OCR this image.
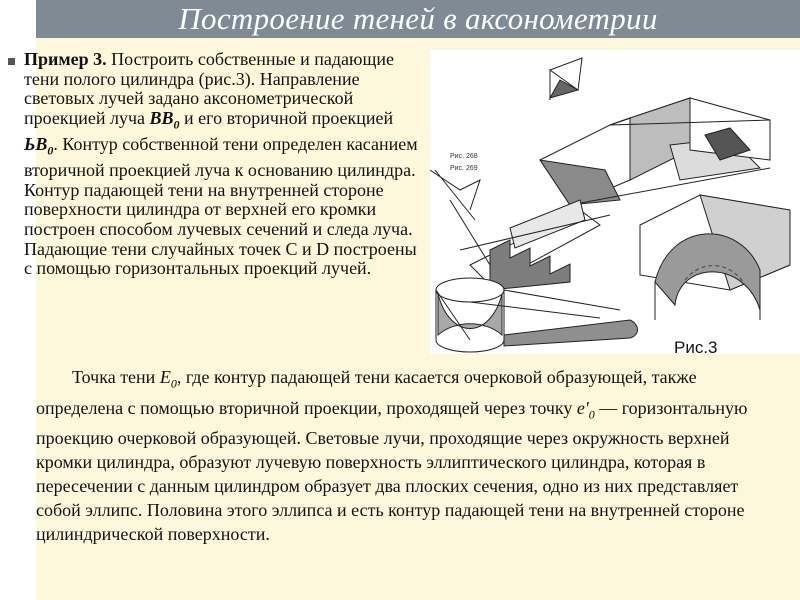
Построение теней в аксонометрии
Пример 3. Построить собственные и падающие тени полого цилиндра (рис.3). Направление световых лучей задано аксонометрической проекцией луча $ВВ_0$ и его вторичной проекцией $ЬВ_0$. Контур собственной тени определен касанием вторичной проекцией луча к основанию цилиндра. Контур падающей тени на внутренней стороне поверхности цилиндра от верхней его кромки построен способом лучевых сечений и следа луча. Падающие тени случайных точек С и D построены с помощью горизонтальных проекций лучей.
Рис. 268
Рис. 269
Рис.3
Точка тени $Е_0$, где контур падающей тени касается очерковой образующей, также определена с помощью вторичной проекции, проходящей через точку $е'_0$ — горизонтальную проекцию очерковой образующей. Световые лучи, проходящие через окружность верхней кромки цилиндра, образуют лучевую поверхность эллиптического цилиндра, которая в пересечении с данным цилиндром образует два плоских сечения, одно из них представляет собой эллипс. Половина этого эллипса и есть контур падающей тени на внутренней стороне цилиндрической поверхности.
